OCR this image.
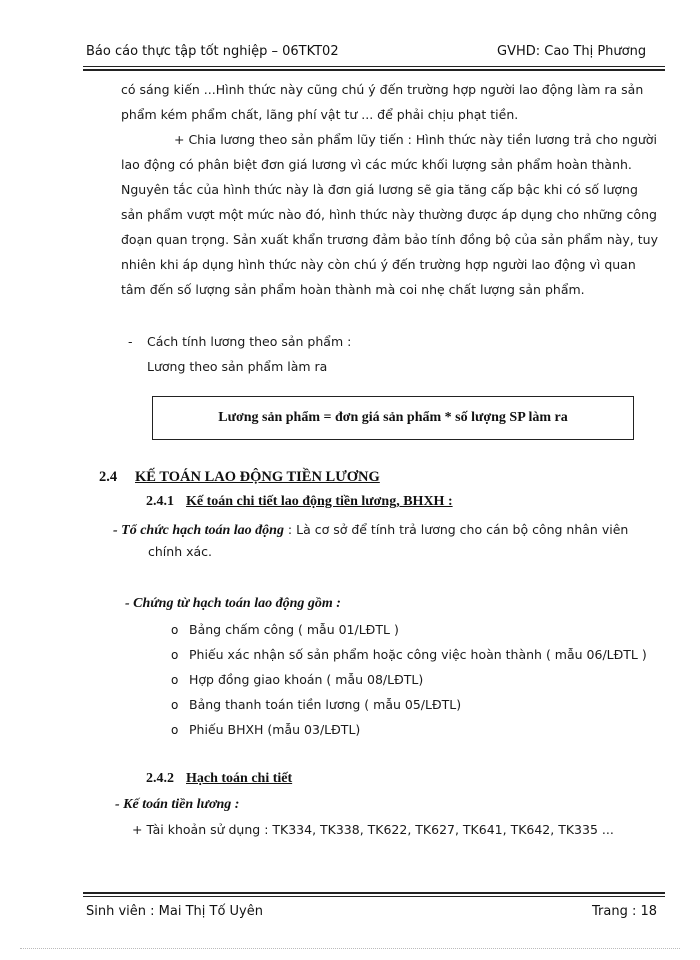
Báo cáo thực tập tốt nghiệp – 06TKT02	GVHD: Cao Thị Phương
có sáng kiến ...Hình thức này cũng chú ý đến trường hợp người lao động làm ra sản
phẩm kém phẩm chất, lãng phí vật tư ... để phải chịu phạt tiền.
+ Chia lương theo sản phẩm lũy tiến : Hình thức này tiền lương trả cho người
lao động có phân biệt đơn giá lương vì các mức khối lượng sản phẩm hoàn thành.
Nguyên tắc của hình thức này là đơn giá lương sẽ gia tăng cấp bậc khi có số lượng
sản phẩm vượt một mức nào đó, hình thức này thường được áp dụng cho những công
đoạn quan trọng. Sản xuất khẩn trương đảm bảo tính đồng bộ của sản phẩm này, tuy
nhiên khi áp dụng hình thức này còn chú ý đến trường hợp người lao động vì quan
tâm đến số lượng sản phẩm hoàn thành mà coi nhẹ chất lượng sản phẩm.
- Cách tính lương theo sản phẩm :
Lương theo sản phẩm làm ra
Lương sản phẩm = đơn giá sản phẩm * số lượng SP làm ra
2.4 KẾ TOÁN LAO ĐỘNG TIỀN LƯƠNG
2.4.1 Kế toán chi tiết lao động tiền lương, BHXH :
- Tổ chức hạch toán lao động : Là cơ sở để tính trả lương cho cán bộ công nhân viên
chính xác.
- Chứng từ hạch toán lao động gồm :
o Bảng chấm công ( mẫu 01/LĐTL )
o Phiếu xác nhận số sản phẩm hoặc công việc hoàn thành ( mẫu 06/LĐTL )
o Hợp đồng giao khoán ( mẫu 08/LĐTL)
o Bảng thanh toán tiền lương ( mẫu 05/LĐTL)
o Phiếu BHXH (mẫu 03/LĐTL)
2.4.2 Hạch toán chi tiết
- Kế toán tiền lương :
+ Tài khoản sử dụng : TK334, TK338, TK622, TK627, TK641, TK642, TK335 ...
Sinh viên : Mai Thị Tố Uyên	Trang : 18
